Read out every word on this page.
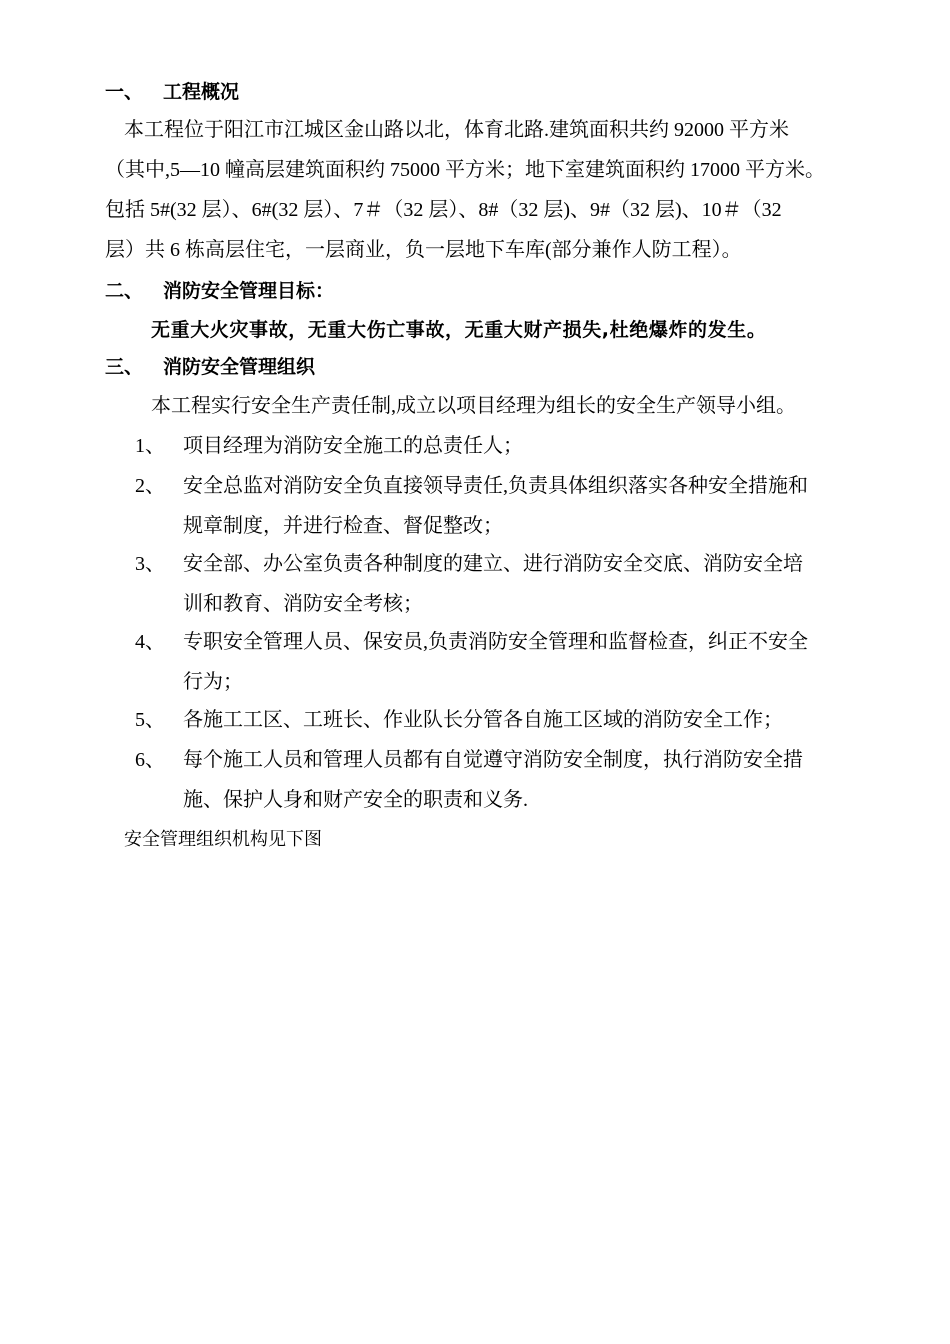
一、 工程概况
本工程位于阳江市江城区金山路以北，体育北路.建筑面积共约 92000 平方米
（其中,5—10 幢高层建筑面积约 75000 平方米；地下室建筑面积约 17000 平方米。
包括 5#(32 层）、6#(32 层）、7＃（32 层）、8#（32 层)、9#（32 层)、10＃（32
层）共 6 栋高层住宅，一层商业，负一层地下车库(部分兼作人防工程）。
二、 消防安全管理目标：
无重大火灾事故，无重大伤亡事故，无重大财产损失,杜绝爆炸的发生。
三、 消防安全管理组织
本工程实行安全生产责任制,成立以项目经理为组长的安全生产领导小组。
1、 项目经理为消防安全施工的总责任人；
2、 安全总监对消防安全负直接领导责任,负责具体组织落实各种安全措施和
规章制度，并进行检查、督促整改；
3、 安全部、办公室负责各种制度的建立、进行消防安全交底、消防安全培
训和教育、消防安全考核；
4、 专职安全管理人员、保安员,负责消防安全管理和监督检查，纠正不安全
行为；
5、 各施工工区、工班长、作业队长分管各自施工区域的消防安全工作；
6、 每个施工人员和管理人员都有自觉遵守消防安全制度，执行消防安全措
施、保护人身和财产安全的职责和义务.
安全管理组织机构见下图
